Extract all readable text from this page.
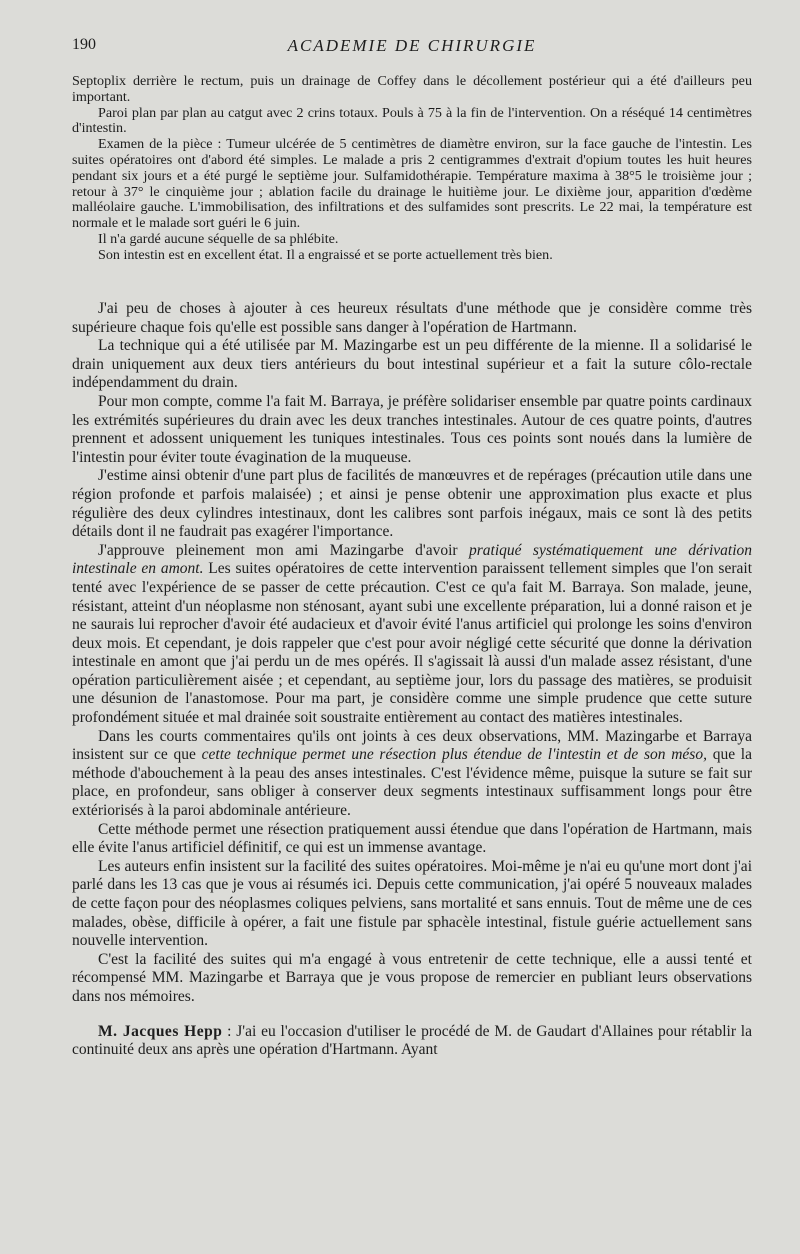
190	ACADEMIE DE CHIRURGIE

Septoplix derrière le rectum, puis un drainage de Coffey dans le décollement postérieur qui a été d'ailleurs peu important.

Paroi plan par plan au catgut avec 2 crins totaux. Pouls à 75 à la fin de l'intervention. On a réséqué 14 centimètres d'intestin.

Examen de la pièce : Tumeur ulcérée de 5 centimètres de diamètre environ, sur la face gauche de l'intestin. Les suites opératoires ont d'abord été simples. Le malade a pris 2 centigrammes d'extrait d'opium toutes les huit heures pendant six jours et a été purgé le septième jour. Sulfamidothérapie. Température maxima à 38°5 le troisième jour ; retour à 37° le cinquième jour ; ablation facile du drainage le huitième jour. Le dixième jour, apparition d'œdème malléolaire gauche. L'immobilisation, des infiltrations et des sulfamides sont prescrits. Le 22 mai, la température est normale et le malade sort guéri le 6 juin.

Il n'a gardé aucune séquelle de sa phlébite.

Son intestin est en excellent état. Il a engraissé et se porte actuellement très bien.

J'ai peu de choses à ajouter à ces heureux résultats d'une méthode que je considère comme très supérieure chaque fois qu'elle est possible sans danger à l'opération de Hartmann.

La technique qui a été utilisée par M. Mazingarbe est un peu différente de la mienne. Il a solidarisé le drain uniquement aux deux tiers antérieurs du bout intestinal supérieur et a fait la suture côlo-rectale indépendamment du drain.

Pour mon compte, comme l'a fait M. Barraya, je préfère solidariser ensemble par quatre points cardinaux les extrémités supérieures du drain avec les deux tranches intestinales. Autour de ces quatre points, d'autres prennent et adossent uniquement les tuniques intestinales. Tous ces points sont noués dans la lumière de l'intestin pour éviter toute évagination de la muqueuse.

J'estime ainsi obtenir d'une part plus de facilités de manœuvres et de repérages (précaution utile dans une région profonde et parfois malaisée) ; et ainsi je pense obtenir une approximation plus exacte et plus régulière des deux cylindres intestinaux, dont les calibres sont parfois inégaux, mais ce sont là des petits détails dont il ne faudrait pas exagérer l'importance.

J'approuve pleinement mon ami Mazingarbe d'avoir pratiqué systématiquement une dérivation intestinale en amont. Les suites opératoires de cette intervention paraissent tellement simples que l'on serait tenté avec l'expérience de se passer de cette précaution. C'est ce qu'a fait M. Barraya. Son malade, jeune, résistant, atteint d'un néoplasme non sténosant, ayant subi une excellente préparation, lui a donné raison et je ne saurais lui reprocher d'avoir été audacieux et d'avoir évité l'anus artificiel qui prolonge les soins d'environ deux mois. Et cependant, je dois rappeler que c'est pour avoir négligé cette sécurité que donne la dérivation intestinale en amont que j'ai perdu un de mes opérés. Il s'agissait là aussi d'un malade assez résistant, d'une opération particulièrement aisée ; et cependant, au septième jour, lors du passage des matières, se produisit une désunion de l'anastomose. Pour ma part, je considère comme une simple prudence que cette suture profondément située et mal drainée soit soustraite entièrement au contact des matières intestinales.

Dans les courts commentaires qu'ils ont joints à ces deux observations, MM. Mazingarbe et Barraya insistent sur ce que cette technique permet une résection plus étendue de l'intestin et de son méso, que la méthode d'abouchement à la peau des anses intestinales. C'est l'évidence même, puisque la suture se fait sur place, en profondeur, sans obliger à conserver deux segments intestinaux suffisamment longs pour être extériorisés à la paroi abdominale antérieure.

Cette méthode permet une résection pratiquement aussi étendue que dans l'opération de Hartmann, mais elle évite l'anus artificiel définitif, ce qui est un immense avantage.

Les auteurs enfin insistent sur la facilité des suites opératoires. Moi-même je n'ai eu qu'une mort dont j'ai parlé dans les 13 cas que je vous ai résumés ici. Depuis cette communication, j'ai opéré 5 nouveaux malades de cette façon pour des néoplasmes coliques pelviens, sans mortalité et sans ennuis. Tout de même une de ces malades, obèse, difficile à opérer, a fait une fistule par sphacèle intestinal, fistule guérie actuellement sans nouvelle intervention.

C'est la facilité des suites qui m'a engagé à vous entretenir de cette technique, elle a aussi tenté et récompensé MM. Mazingarbe et Barraya que je vous propose de remercier en publiant leurs observations dans nos mémoires.

M. Jacques Hepp : J'ai eu l'occasion d'utiliser le procédé de M. de Gaudart d'Allaines pour rétablir la continuité deux ans après une opération d'Hartmann. Ayant
